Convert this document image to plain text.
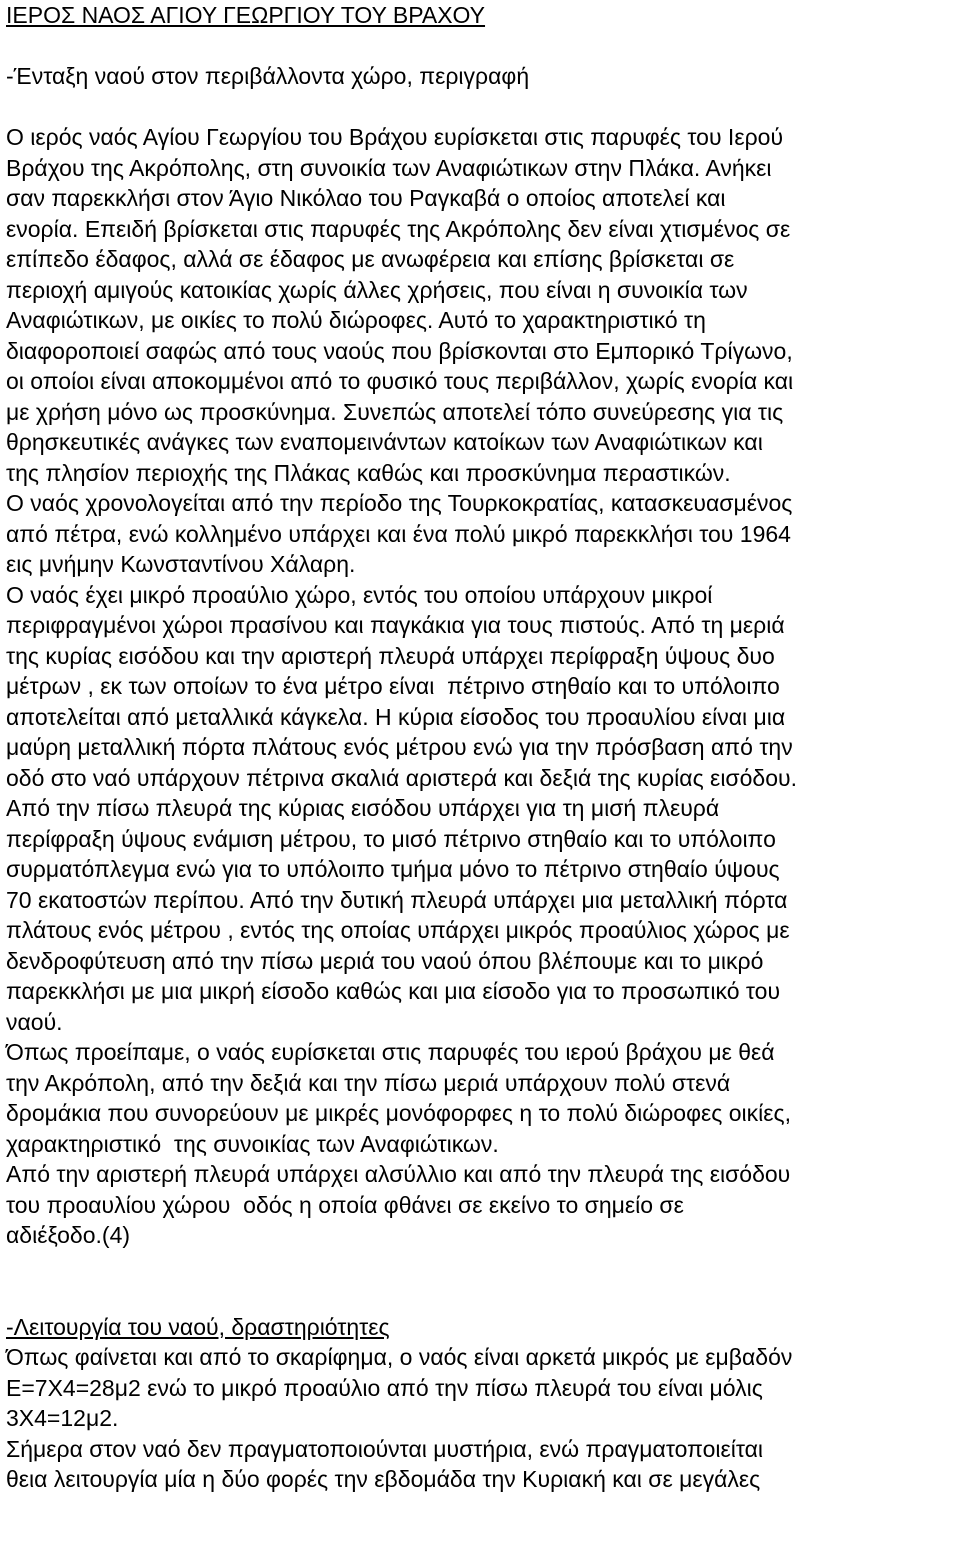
ΙΕΡΟΣ ΝΑΟΣ ΑΓΙΟΥ ΓΕΩΡΓΙΟΥ ΤΟΥ ΒΡΑΧΟΥ
-Ένταξη ναού στον περιβάλλοντα χώρο, περιγραφή
Ο ιερός ναός Αγίου Γεωργίου του Βράχου ευρίσκεται στις παρυφές του Ιερού
Βράχου της Ακρόπολης, στη συνοικία των Αναφιώτικων στην Πλάκα. Ανήκει
σαν παρεκκλήσι στον Άγιο Νικόλαο του Ραγκαβά ο οποίος αποτελεί και
ενορία. Επειδή βρίσκεται στις παρυφές της Ακρόπολης δεν είναι χτισμένος σε
επίπεδο έδαφος, αλλά σε έδαφος με ανωφέρεια και επίσης βρίσκεται σε
περιοχή αμιγούς κατοικίας χωρίς άλλες χρήσεις, που είναι η συνοικία των
Αναφιώτικων, με οικίες το πολύ διώροφες. Αυτό το χαρακτηριστικό τη
διαφοροποιεί σαφώς από τους ναούς που βρίσκονται στο Εμπορικό Τρίγωνο,
οι οποίοι είναι αποκομμένοι από το φυσικό τους περιβάλλον, χωρίς ενορία και
με χρήση μόνο ως προσκύνημα. Συνεπώς αποτελεί τόπο συνεύρεσης για τις
θρησκευτικές ανάγκες των εναπομεινάντων κατοίκων των Αναφιώτικων και
της πλησίον περιοχής της Πλάκας καθώς και προσκύνημα περαστικών.
Ο ναός χρονολογείται από την περίοδο της Τουρκοκρατίας, κατασκευασμένος
από πέτρα, ενώ κολλημένο υπάρχει και ένα πολύ μικρό παρεκκλήσι του 1964
εις μνήμην Κωνσταντίνου Χάλαρη.
Ο ναός έχει μικρό προαύλιο χώρο, εντός του οποίου υπάρχουν μικροί
περιφραγμένοι χώροι πρασίνου και παγκάκια για τους πιστούς. Από τη μεριά
της κυρίας εισόδου και την αριστερή πλευρά υπάρχει περίφραξη ύψους δυο
μέτρων , εκ των οποίων το ένα μέτρο είναι  πέτρινο στηθαίο και το υπόλοιπο
αποτελείται από μεταλλικά κάγκελα. Η κύρια είσοδος του προαυλίου είναι μια
μαύρη μεταλλική πόρτα πλάτους ενός μέτρου ενώ για την πρόσβαση από την
οδό στο ναό υπάρχουν πέτρινα σκαλιά αριστερά και δεξιά της κυρίας εισόδου.
Από την πίσω πλευρά της κύριας εισόδου υπάρχει για τη μισή πλευρά
περίφραξη ύψους ενάμιση μέτρου, το μισό πέτρινο στηθαίο και το υπόλοιπο
συρματόπλεγμα ενώ για το υπόλοιπο τμήμα μόνο το πέτρινο στηθαίο ύψους
70 εκατοστών περίπου. Από την δυτική πλευρά υπάρχει μια μεταλλική πόρτα
πλάτους ενός μέτρου , εντός της οποίας υπάρχει μικρός προαύλιος χώρος με
δενδροφύτευση από την πίσω μεριά του ναού όπου βλέπουμε και το μικρό
παρεκκλήσι με μια μικρή είσοδο καθώς και μια είσοδο για το προσωπικό του
ναού.
Όπως προείπαμε, ο ναός ευρίσκεται στις παρυφές του ιερού βράχου με θεά
την Ακρόπολη, από την δεξιά και την πίσω μεριά υπάρχουν πολύ στενά
δρομάκια που συνορεύουν με μικρές μονόφορφες η το πολύ διώροφες οικίες,
χαρακτηριστικό  της συνοικίας των Αναφιώτικων.
Από την αριστερή πλευρά υπάρχει αλσύλλιο και από την πλευρά της εισόδου
του προαυλίου χώρου  οδός η οποία φθάνει σε εκείνο το σημείο σε
αδιέξοδο.(4)
-Λειτουργία του ναού, δραστηριότητες
Όπως φαίνεται και από το σκαρίφημα, ο ναός είναι αρκετά μικρός με εμβαδόν
Ε=7Χ4=28μ2 ενώ το μικρό προαύλιο από την πίσω πλευρά του είναι μόλις
3Χ4=12μ2.
Σήμερα στον ναό δεν πραγματοποιούνται μυστήρια, ενώ πραγματοποιείται
θεια λειτουργία μία η δύο φορές την εβδομάδα την Κυριακή και σε μεγάλες
